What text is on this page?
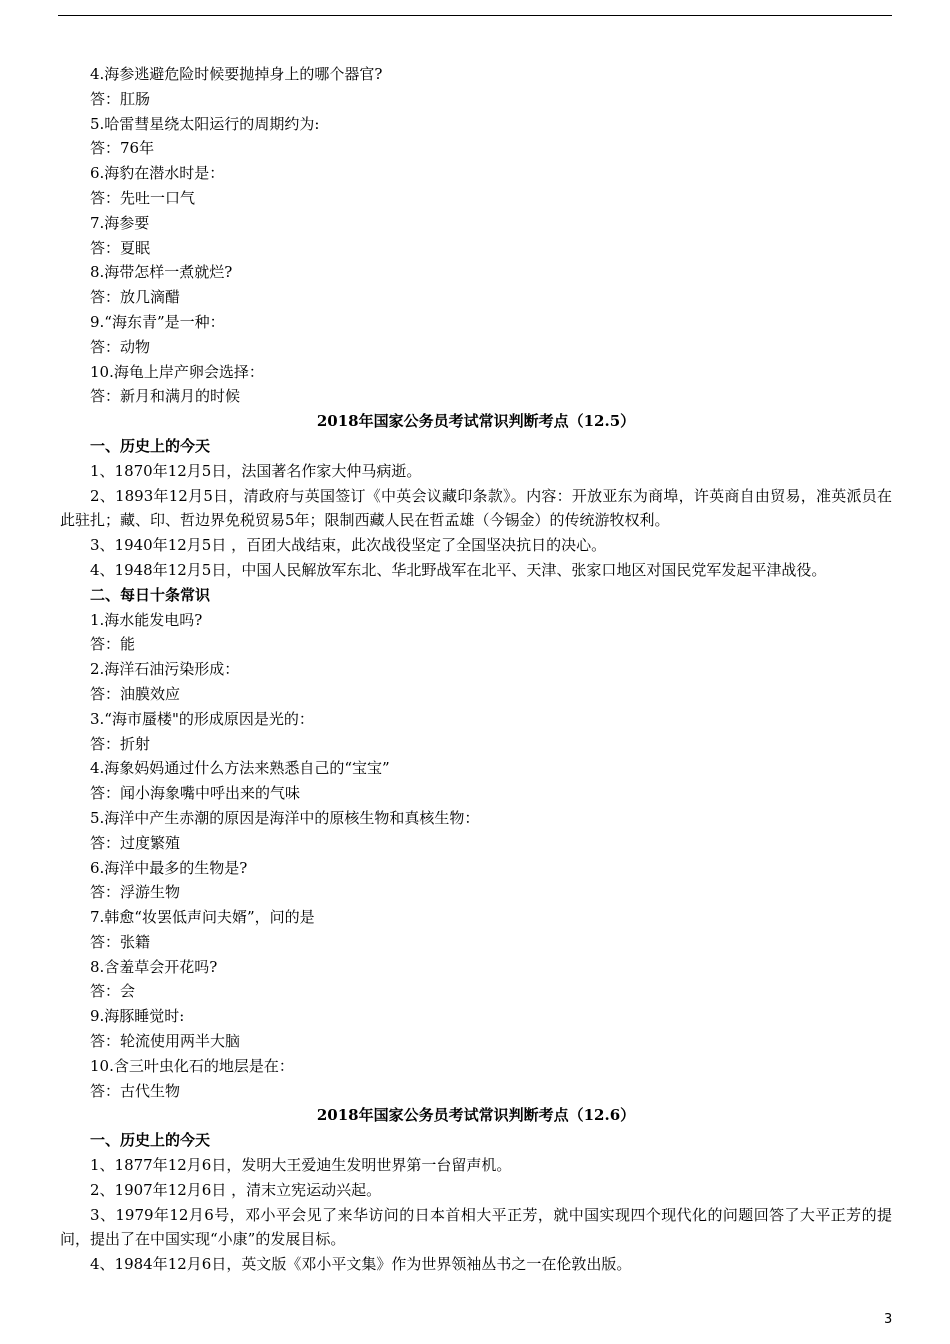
4.海参逃避危险时候要抛掉身上的哪个器官?
答：肛肠
5.哈雷彗星绕太阳运行的周期约为:
答：76年
6.海豹在潜水时是：
答：先吐一口气
7.海参要
答：夏眠
8.海带怎样一煮就烂?
答：放几滴醋
9.“海东青”是一种：
答：动物
10.海龟上岸产卵会选择：
答：新月和满月的时候
2018年国家公务员考试常识判断考点（12.5）
一、历史上的今天
1、1870年12月5日，法国著名作家大仲马病逝。
2、1893年12月5日，清政府与英国签订《中英会议藏印条款》。内容：开放亚东为商埠，许英商自由贸易，准英派员在此驻扎；藏、印、哲边界免税贸易5年；限制西藏人民在哲孟雄（今锡金）的传统游牧权利。
3、1940年12月5日 ，百团大战结束，此次战役坚定了全国坚决抗日的决心。
4、1948年12月5日，中国人民解放军东北、华北野战军在北平、天津、张家口地区对国民党军发起平津战役。
二、每日十条常识
1.海水能发电吗?
答：能
2.海洋石油污染形成：
答：油膜效应
3.“海市蜃楼"的形成原因是光的：
答：折射
4.海象妈妈通过什么方法来熟悉自己的“宝宝”
答：闻小海象嘴中呼出来的气味
5.海洋中产生赤潮的原因是海洋中的原核生物和真核生物：
答：过度繁殖
6.海洋中最多的生物是?
答：浮游生物
7.韩愈“妆罢低声问夫婿”，问的是
答：张籍
8.含羞草会开花吗?
答：会
9.海豚睡觉时:
答：轮流使用两半大脑
10.含三叶虫化石的地层是在：
答：古代生物
2018年国家公务员考试常识判断考点（12.6）
一、历史上的今天
1、1877年12月6日，发明大王爱迪生发明世界第一台留声机。
2、1907年12月6日 ，清末立宪运动兴起。
3、1979年12月6号，邓小平会见了来华访问的日本首相大平正芳，就中国实现四个现代化的问题回答了大平正芳的提问，提出了在中国实现“小康”的发展目标。
4、1984年12月6日，英文版《邓小平文集》作为世界领袖丛书之一在伦敦出版。
3
